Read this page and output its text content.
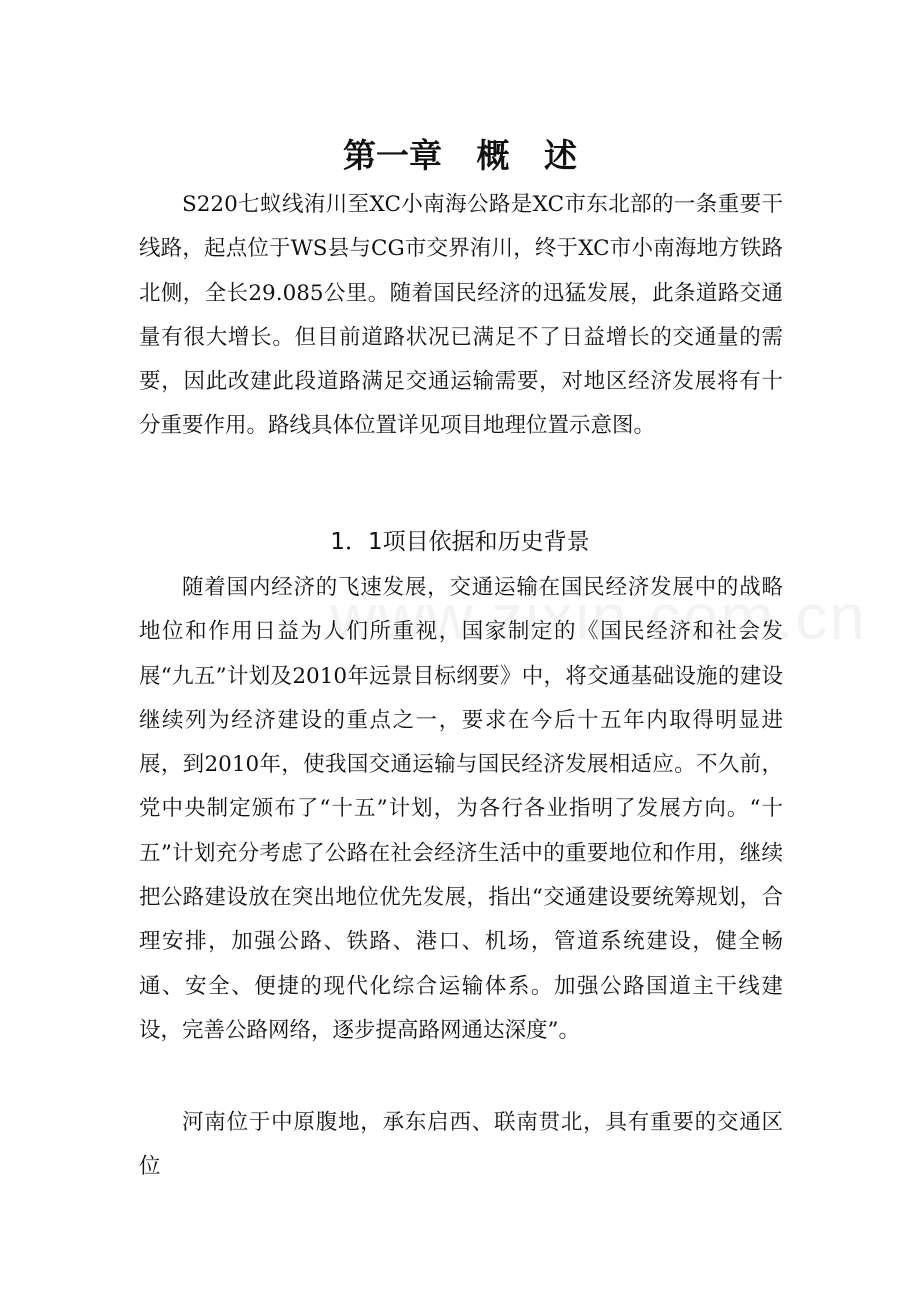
第一章   概   述

S220七蚁线洧川至XC小南海公路是XC市东北部的一条重要干线路，起点位于WS县与CG市交界洧川，终于XC市小南海地方铁路北侧，全长29.085公里。随着国民经济的迅猛发展，此条道路交通量有很大增长。但目前道路状况已满足不了日益增长的交通量的需要，因此改建此段道路满足交通运输需要，对地区经济发展将有十分重要作用。路线具体位置详见项目地理位置示意图。

1．1项目依据和历史背景

随着国内经济的飞速发展，交通运输在国民经济发展中的战略地位和作用日益为人们所重视，国家制定的《国民经济和社会发展“九五”计划及2010年远景目标纲要》中，将交通基础设施的建设继续列为经济建设的重点之一，要求在今后十五年内取得明显进展，到2010年，使我国交通运输与国民经济发展相适应。不久前，党中央制定颁布了“十五”计划，为各行各业指明了发展方向。“十五”计划充分考虑了公路在社会经济生活中的重要地位和作用，继续把公路建设放在突出地位优先发展，指出“交通建设要统筹规划，合理安排，加强公路、铁路、港口、机场，管道系统建设，健全畅通、安全、便捷的现代化综合运输体系。加强公路国道主干线建设，完善公路网络，逐步提高路网通达深度”。

河南位于中原腹地，承东启西、联南贯北，具有重要的交通区位
